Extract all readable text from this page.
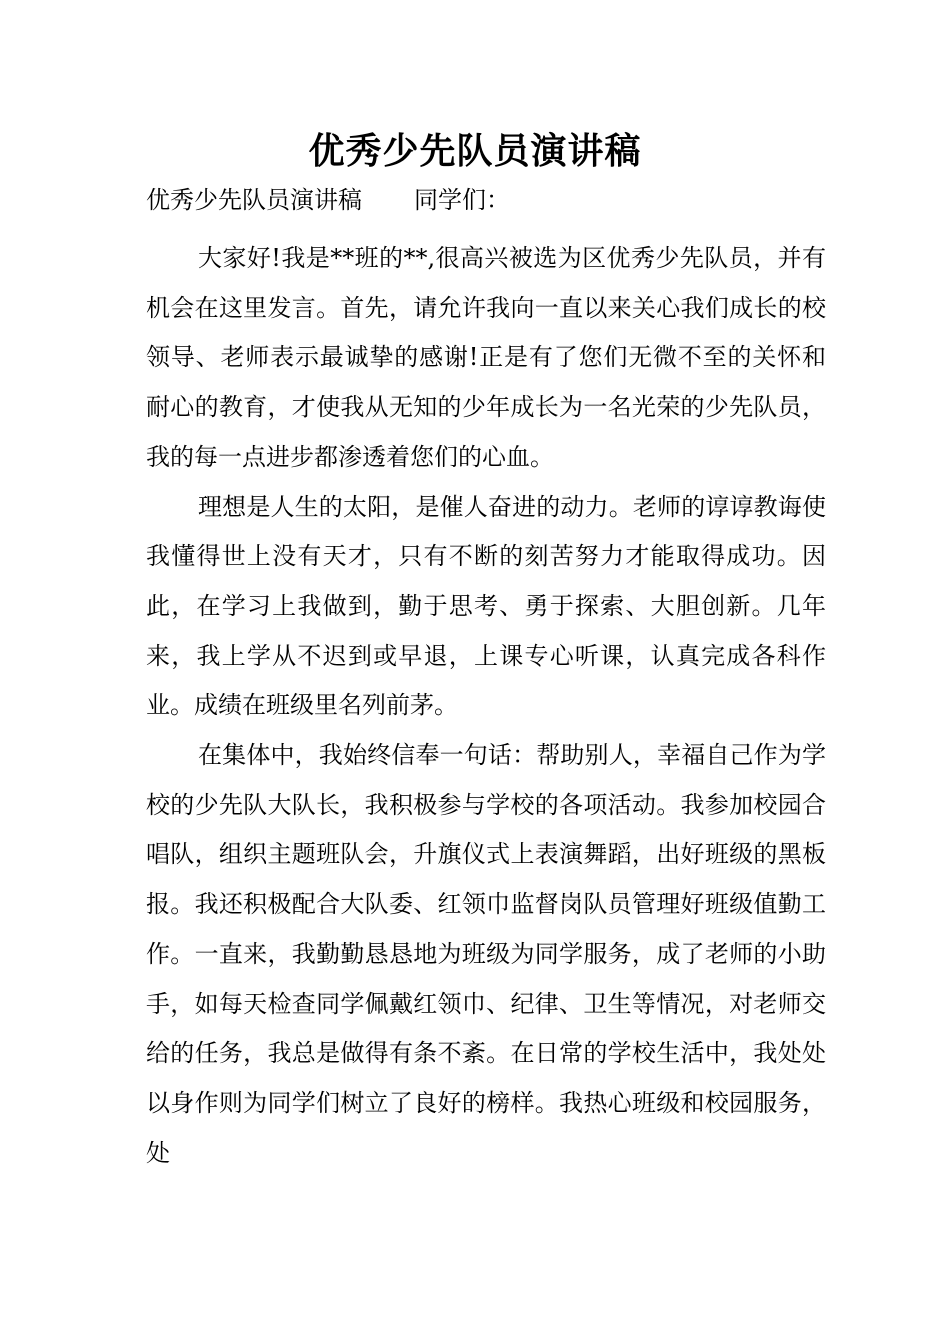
优秀少先队员演讲稿
优秀少先队员演讲稿 同学们：

大家好!我是**班的**,很高兴被选为区优秀少先队员，并有机会在这里发言。首先，请允许我向一直以来关心我们成长的校领导、老师表示最诚挚的感谢!正是有了您们无微不至的关怀和耐心的教育，才使我从无知的少年成长为一名光荣的少先队员，我的每一点进步都渗透着您们的心血。

理想是人生的太阳，是催人奋进的动力。老师的谆谆教诲使我懂得世上没有天才，只有不断的刻苦努力才能取得成功。因此，在学习上我做到，勤于思考、勇于探索、大胆创新。几年来，我上学从不迟到或早退，上课专心听课，认真完成各科作业。成绩在班级里名列前茅。

在集体中，我始终信奉一句话：帮助别人，幸福自己作为学校的少先队大队长，我积极参与学校的各项活动。我参加校园合唱队，组织主题班队会，升旗仪式上表演舞蹈，出好班级的黑板报。我还积极配合大队委、红领巾监督岗队员管理好班级值勤工作。一直来，我勤勤恳恳地为班级为同学服务，成了老师的小助手，如每天检查同学佩戴红领巾、纪律、卫生等情况，对老师交给的任务，我总是做得有条不紊。在日常的学校生活中，我处处以身作则为同学们树立了良好的榜样。我热心班级和校园服务，处
